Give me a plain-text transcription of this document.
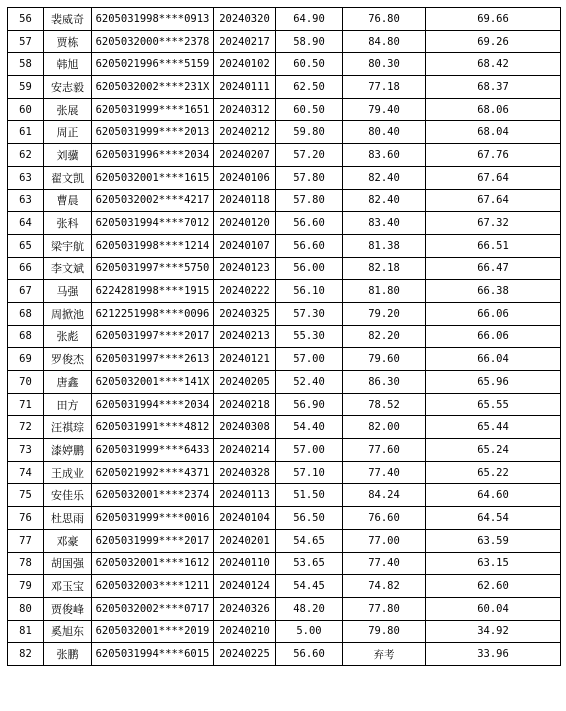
56	裴威奇	6205031998****0913	20240320	64.90	76.80	69.66
57	贾栋	6205032000****2378	20240217	58.90	84.80	69.26
58	韩旭	6205021996****5159	20240102	60.50	80.30	68.42
59	安志毅	6205032002****231X	20240111	62.50	77.18	68.37
60	张展	6205031999****1651	20240312	60.50	79.40	68.06
61	周正	6205031999****2013	20240212	59.80	80.40	68.04
62	刘骥	6205031996****2034	20240207	57.20	83.60	67.76
63	翟文凯	6205032001****1615	20240106	57.80	82.40	67.64
63	曹晨	6205032002****4217	20240118	57.80	82.40	67.64
64	张科	6205031994****7012	20240120	56.60	83.40	67.32
65	梁宇航	6205031998****1214	20240107	56.60	81.38	66.51
66	李文斌	6205031997****5750	20240123	56.00	82.18	66.47
67	马强	6224281998****1915	20240222	56.10	81.80	66.38
68	周掀池	6212251998****0096	20240325	57.30	79.20	66.06
68	张彪	6205031997****2017	20240213	55.30	82.20	66.06
69	罗俊杰	6205031997****2613	20240121	57.00	79.60	66.04
70	唐鑫	6205032001****141X	20240205	52.40	86.30	65.96
71	田方	6205031994****2034	20240218	56.90	78.52	65.55
72	汪祺琮	6205031991****4812	20240308	54.40	82.00	65.44
73	漆婷鹏	6205031999****6433	20240214	57.00	77.60	65.24
74	王成业	6205021992****4371	20240328	57.10	77.40	65.22
75	安佳乐	6205032001****2374	20240113	51.50	84.24	64.60
76	杜思雨	6205031999****0016	20240104	56.50	76.60	64.54
77	邓豪	6205031999****2017	20240201	54.65	77.00	63.59
78	胡国强	6205032001****1612	20240110	53.65	77.40	63.15
79	邓玉宝	6205032003****1211	20240124	54.45	74.82	62.60
80	贾俊峰	6205032002****0717	20240326	48.20	77.80	60.04
81	奚旭东	6205032001****2019	20240210	5.00	79.80	34.92
82	张鹏	6205031994****6015	20240225	56.60	弃考	33.96
